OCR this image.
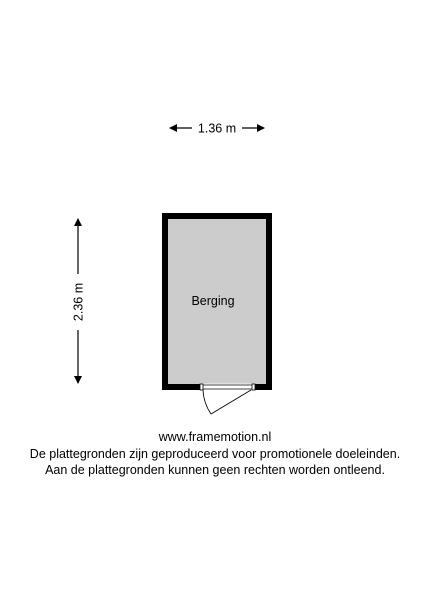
1.36 m
2.36 m	Berging
www.framemotion.nl
De plattegronden zijn geproduceerd voor promotionele doeleinden.
Aan de plattegronden kunnen geen rechten worden ontleend.
